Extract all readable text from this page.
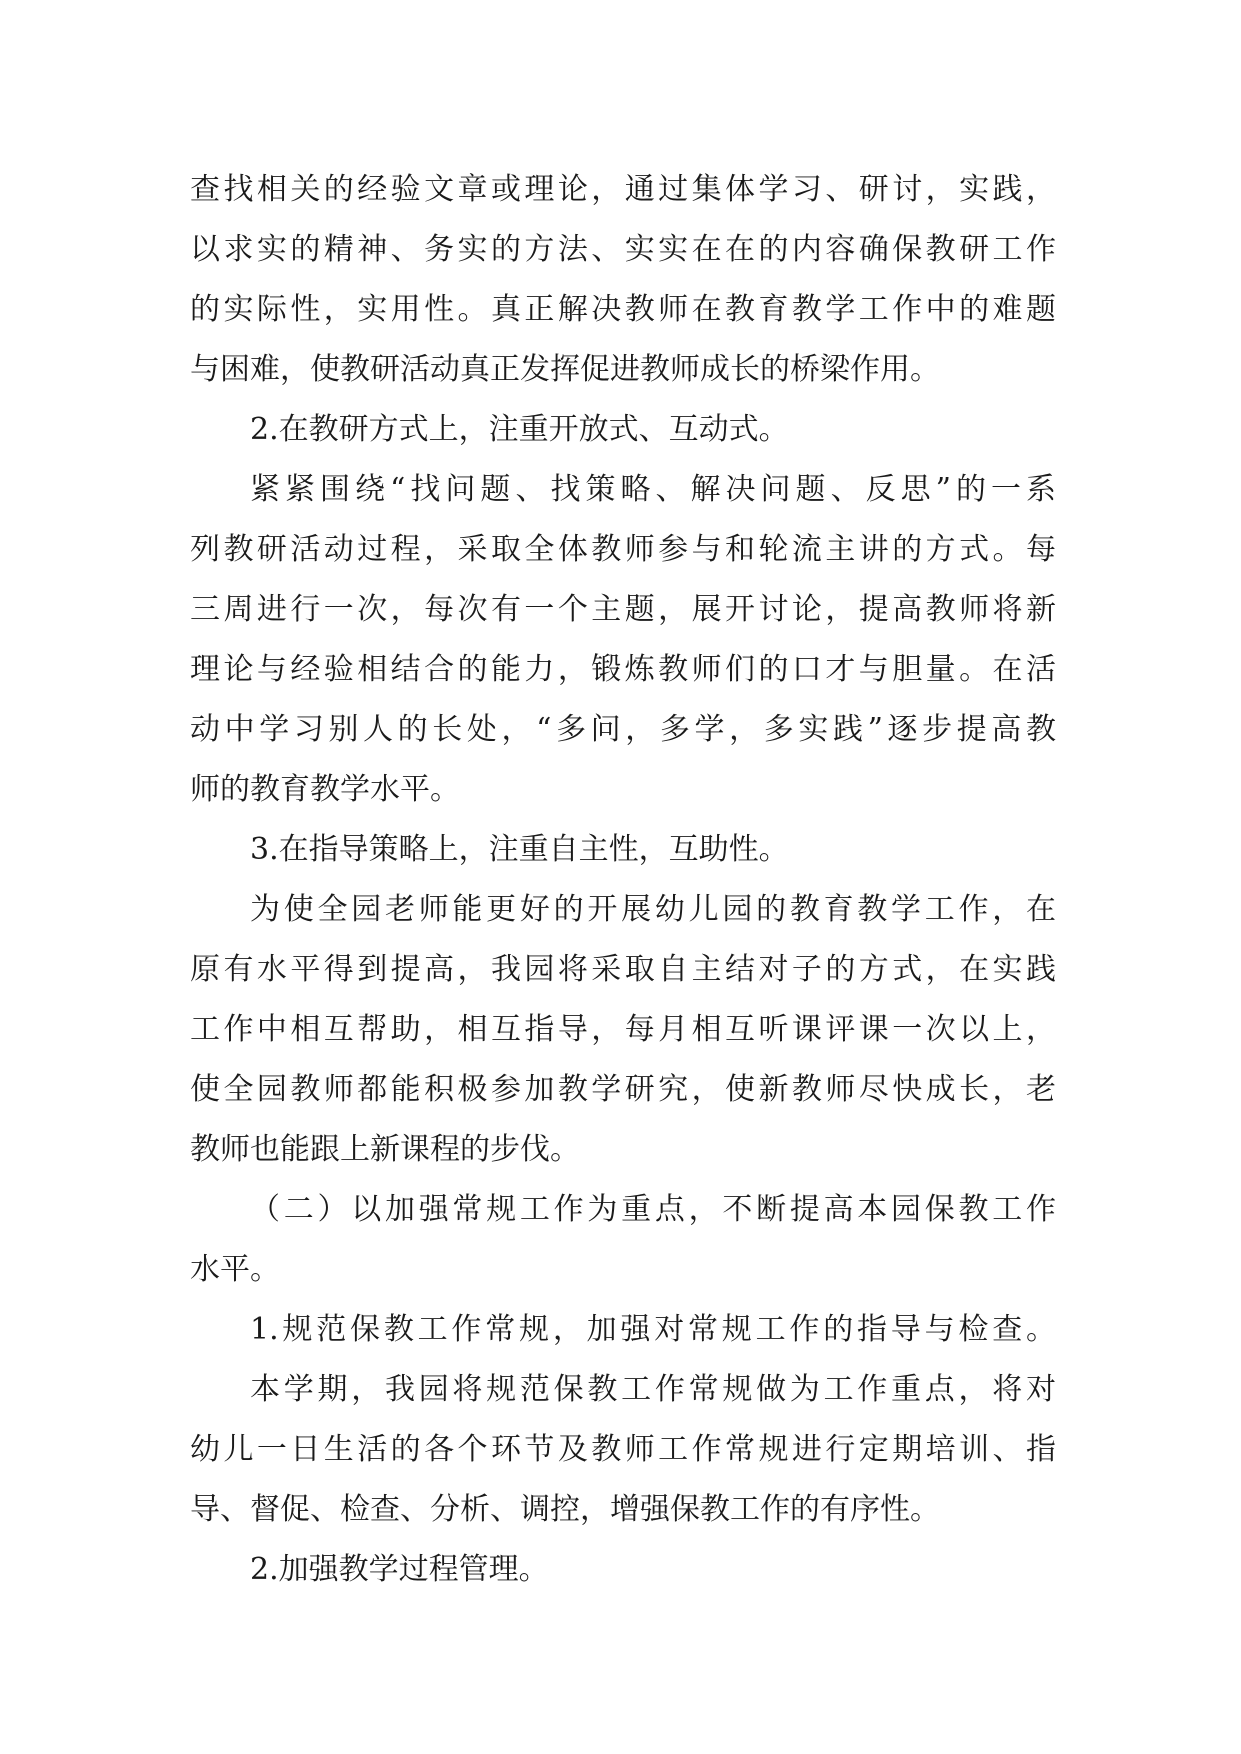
查找相关的经验文章或理论，通过集体学习、研讨，实践，
以求实的精神、务实的方法、实实在在的内容确保教研工作
的实际性，实用性。真正解决教师在教育教学工作中的难题
与困难，使教研活动真正发挥促进教师成长的桥梁作用。
2.在教研方式上，注重开放式、互动式。
紧紧围绕“找问题、找策略、解决问题、反思”的一系
列教研活动过程，采取全体教师参与和轮流主讲的方式。每
三周进行一次，每次有一个主题，展开讨论，提高教师将新
理论与经验相结合的能力，锻炼教师们的口才与胆量。在活
动中学习别人的长处，“多问，多学，多实践”逐步提高教
师的教育教学水平。
3.在指导策略上，注重自主性，互助性。
为使全园老师能更好的开展幼儿园的教育教学工作，在
原有水平得到提高，我园将采取自主结对子的方式，在实践
工作中相互帮助，相互指导，每月相互听课评课一次以上，
使全园教师都能积极参加教学研究，使新教师尽快成长，老
教师也能跟上新课程的步伐。
（二）以加强常规工作为重点，不断提高本园保教工作
水平。
1.规范保教工作常规，加强对常规工作的指导与检查。
本学期，我园将规范保教工作常规做为工作重点，将对
幼儿一日生活的各个环节及教师工作常规进行定期培训、指
导、督促、检查、分析、调控，增强保教工作的有序性。
2.加强教学过程管理。
